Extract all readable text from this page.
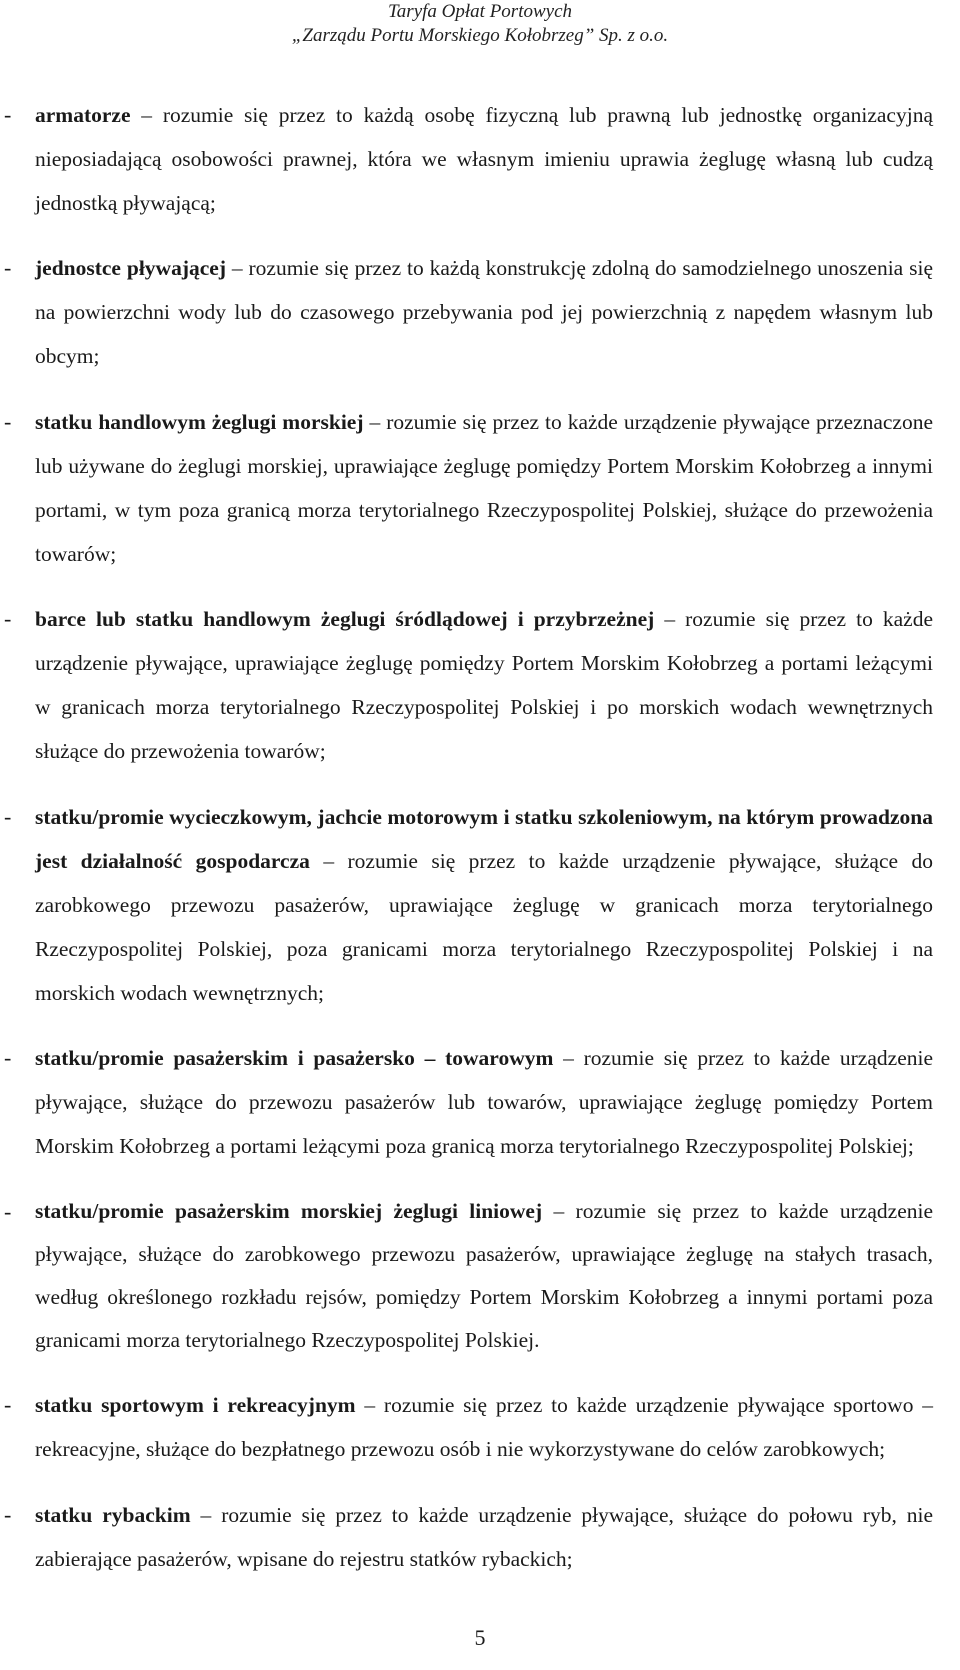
Taryfa Opłat Portowych
„Zarządu Portu Morskiego Kołobrzeg” Sp. z o.o.
- armatorze – rozumie się przez to każdą osobę fizyczną lub prawną lub jednostkę organizacyjną nieposiadającą osobowości prawnej, która we własnym imieniu uprawia żeglugę własną lub cudzą jednostką pływającą;

- jednostce pływającej – rozumie się przez to każdą konstrukcję zdolną do samodzielnego unoszenia się na powierzchni wody lub do czasowego przebywania pod jej powierzchnią z napędem własnym lub obcym;

- statku handlowym żeglugi morskiej – rozumie się przez to każde urządzenie pływające przeznaczone lub używane do żeglugi morskiej, uprawiające żeglugę pomiędzy Portem Morskim Kołobrzeg a innymi portami, w tym poza granicą morza terytorialnego Rzeczypospolitej Polskiej, służące do przewożenia towarów;

- barce lub statku handlowym żeglugi śródlądowej i przybrzeżnej – rozumie się przez to każde urządzenie pływające, uprawiające żeglugę pomiędzy Portem Morskim Kołobrzeg a portami leżącymi w granicach morza terytorialnego Rzeczypospolitej Polskiej i po morskich wodach wewnętrznych służące do przewożenia towarów;

- statku/promie wycieczkowym, jachcie motorowym i statku szkoleniowym, na którym prowadzona jest działalność gospodarcza – rozumie się przez to każde urządzenie pływające, służące do zarobkowego przewozu pasażerów, uprawiające żeglugę w granicach morza terytorialnego Rzeczypospolitej Polskiej, poza granicami morza terytorialnego Rzeczypospolitej Polskiej i na morskich wodach wewnętrznych;

- statku/promie pasażerskim i pasażersko – towarowym – rozumie się przez to każde urządzenie pływające, służące do przewozu pasażerów lub towarów, uprawiające żeglugę pomiędzy Portem Morskim Kołobrzeg a portami leżącymi poza granicą morza terytorialnego Rzeczypospolitej Polskiej;

- statku/promie pasażerskim morskiej żeglugi liniowej – rozumie się przez to każde urządzenie pływające, służące do zarobkowego przewozu pasażerów, uprawiające żeglugę na stałych trasach, według określonego rozkładu rejsów, pomiędzy Portem Morskim Kołobrzeg a innymi portami poza granicami morza terytorialnego Rzeczypospolitej Polskiej.

- statku sportowym i rekreacyjnym – rozumie się przez to każde urządzenie pływające sportowo – rekreacyjne, służące do bezpłatnego przewozu osób i nie wykorzystywane do celów zarobkowych;

- statku rybackim – rozumie się przez to każde urządzenie pływające, służące do połowu ryb, nie zabierające pasażerów, wpisane do rejestru statków rybackich;

5
